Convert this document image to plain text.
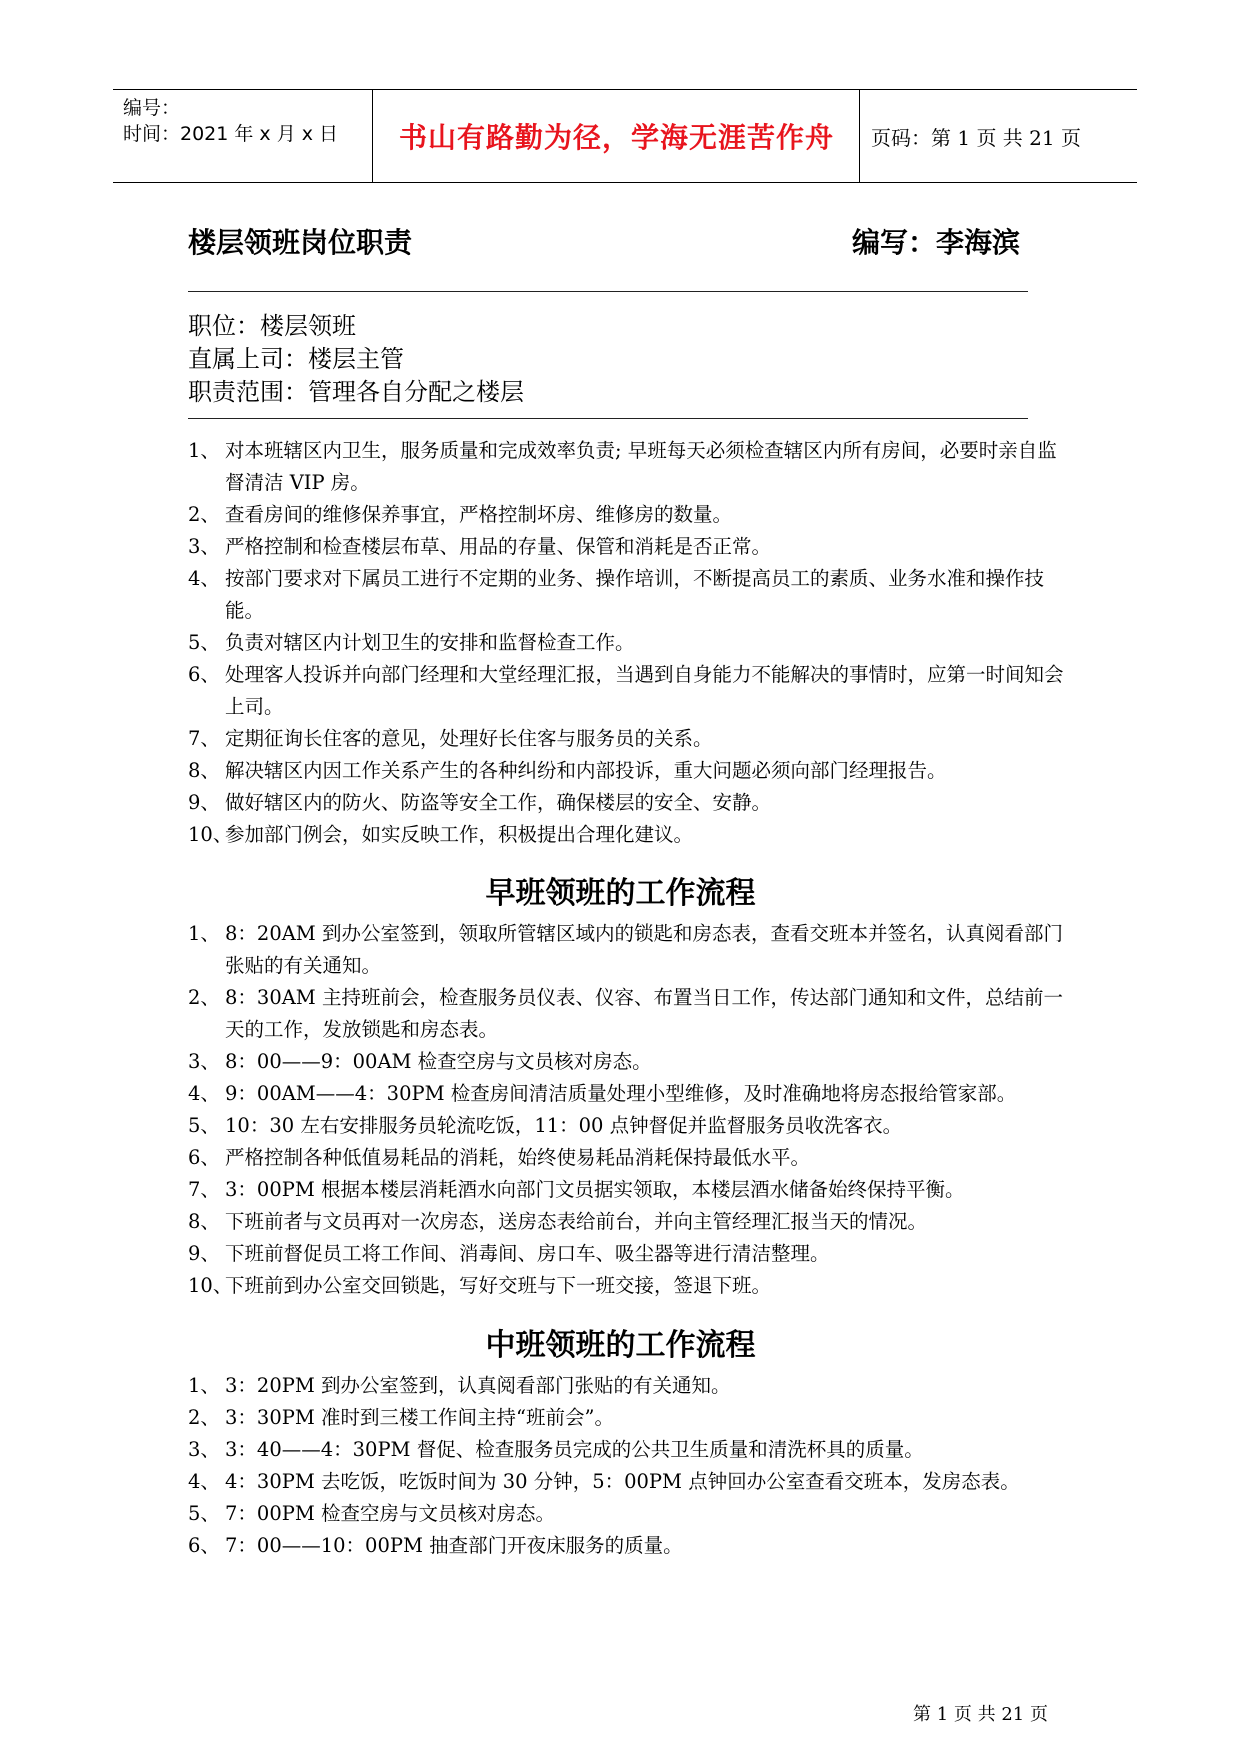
编号：
时间：2021 年 x 月 x 日 书山有路勤为径，学海无涯苦作舟	页码：第 1 页 共 21 页
楼层领班岗位职责	编写：李海滨
职位：楼层领班
直属上司：楼层主管
职责范围：管理各自分配之楼层
1、 对本班辖区内卫生，服务质量和完成效率负责; 早班每天必须检查辖区内所有房间，必要时亲自监督清洁 VIP 房。
2、 查看房间的维修保养事宜，严格控制坏房、维修房的数量。
3、 严格控制和检查楼层布草、用品的存量、保管和消耗是否正常。
4、 按部门要求对下属员工进行不定期的业务、操作培训，不断提高员工的素质、业务水准和操作技能。
5、 负责对辖区内计划卫生的安排和监督检查工作。
6、 处理客人投诉并向部门经理和大堂经理汇报，当遇到自身能力不能解决的事情时，应第一时间知会上司。
7、 定期征询长住客的意见，处理好长住客与服务员的关系。
8、 解决辖区内因工作关系产生的各种纠纷和内部投诉，重大问题必须向部门经理报告。
9、 做好辖区内的防火、防盗等安全工作，确保楼层的安全、安静。
10、
参加部门例会，如实反映工作，积极提出合理化建议。
早班领班的工作流程
1、 8：20AM 到办公室签到，领取所管辖区域内的锁匙和房态表，查看交班本并签名，认真阅看部门张贴的有关通知。
2、 8：30AM 主持班前会，检查服务员仪表、仪容、布置当日工作，传达部门通知和文件，总结前一天的工作，发放锁匙和房态表。
3、 8：00——9：00AM 检查空房与文员核对房态。
4、 9：00AM——4：30PM 检查房间清洁质量处理小型维修，及时准确地将房态报给管家部。
5、 10：30 左右安排服务员轮流吃饭，11：00 点钟督促并监督服务员收洗客衣。
6、 严格控制各种低值易耗品的消耗，始终使易耗品消耗保持最低水平。
7、 3：00PM 根据本楼层消耗酒水向部门文员据实领取，本楼层酒水储备始终保持平衡。
8、 下班前者与文员再对一次房态，送房态表给前台，并向主管经理汇报当天的情况。
9、 下班前督促员工将工作间、消毒间、房口车、吸尘器等进行清洁整理。
10、
下班前到办公室交回锁匙，写好交班与下一班交接，签退下班。
中班领班的工作流程
1、 3：20PM 到办公室签到，认真阅看部门张贴的有关通知。
2、 3：30PM 准时到三楼工作间主持“班前会”。
3、 3：40——4：30PM 督促、检查服务员完成的公共卫生质量和清洗杯具的质量。
4、 4：30PM 去吃饭，吃饭时间为 30 分钟，5：00PM 点钟回办公室查看交班本，发房态表。
5、 7：00PM 检查空房与文员核对房态。
6、 7：00——10：00PM 抽查部门开夜床服务的质量。
第 1 页 共 21 页
